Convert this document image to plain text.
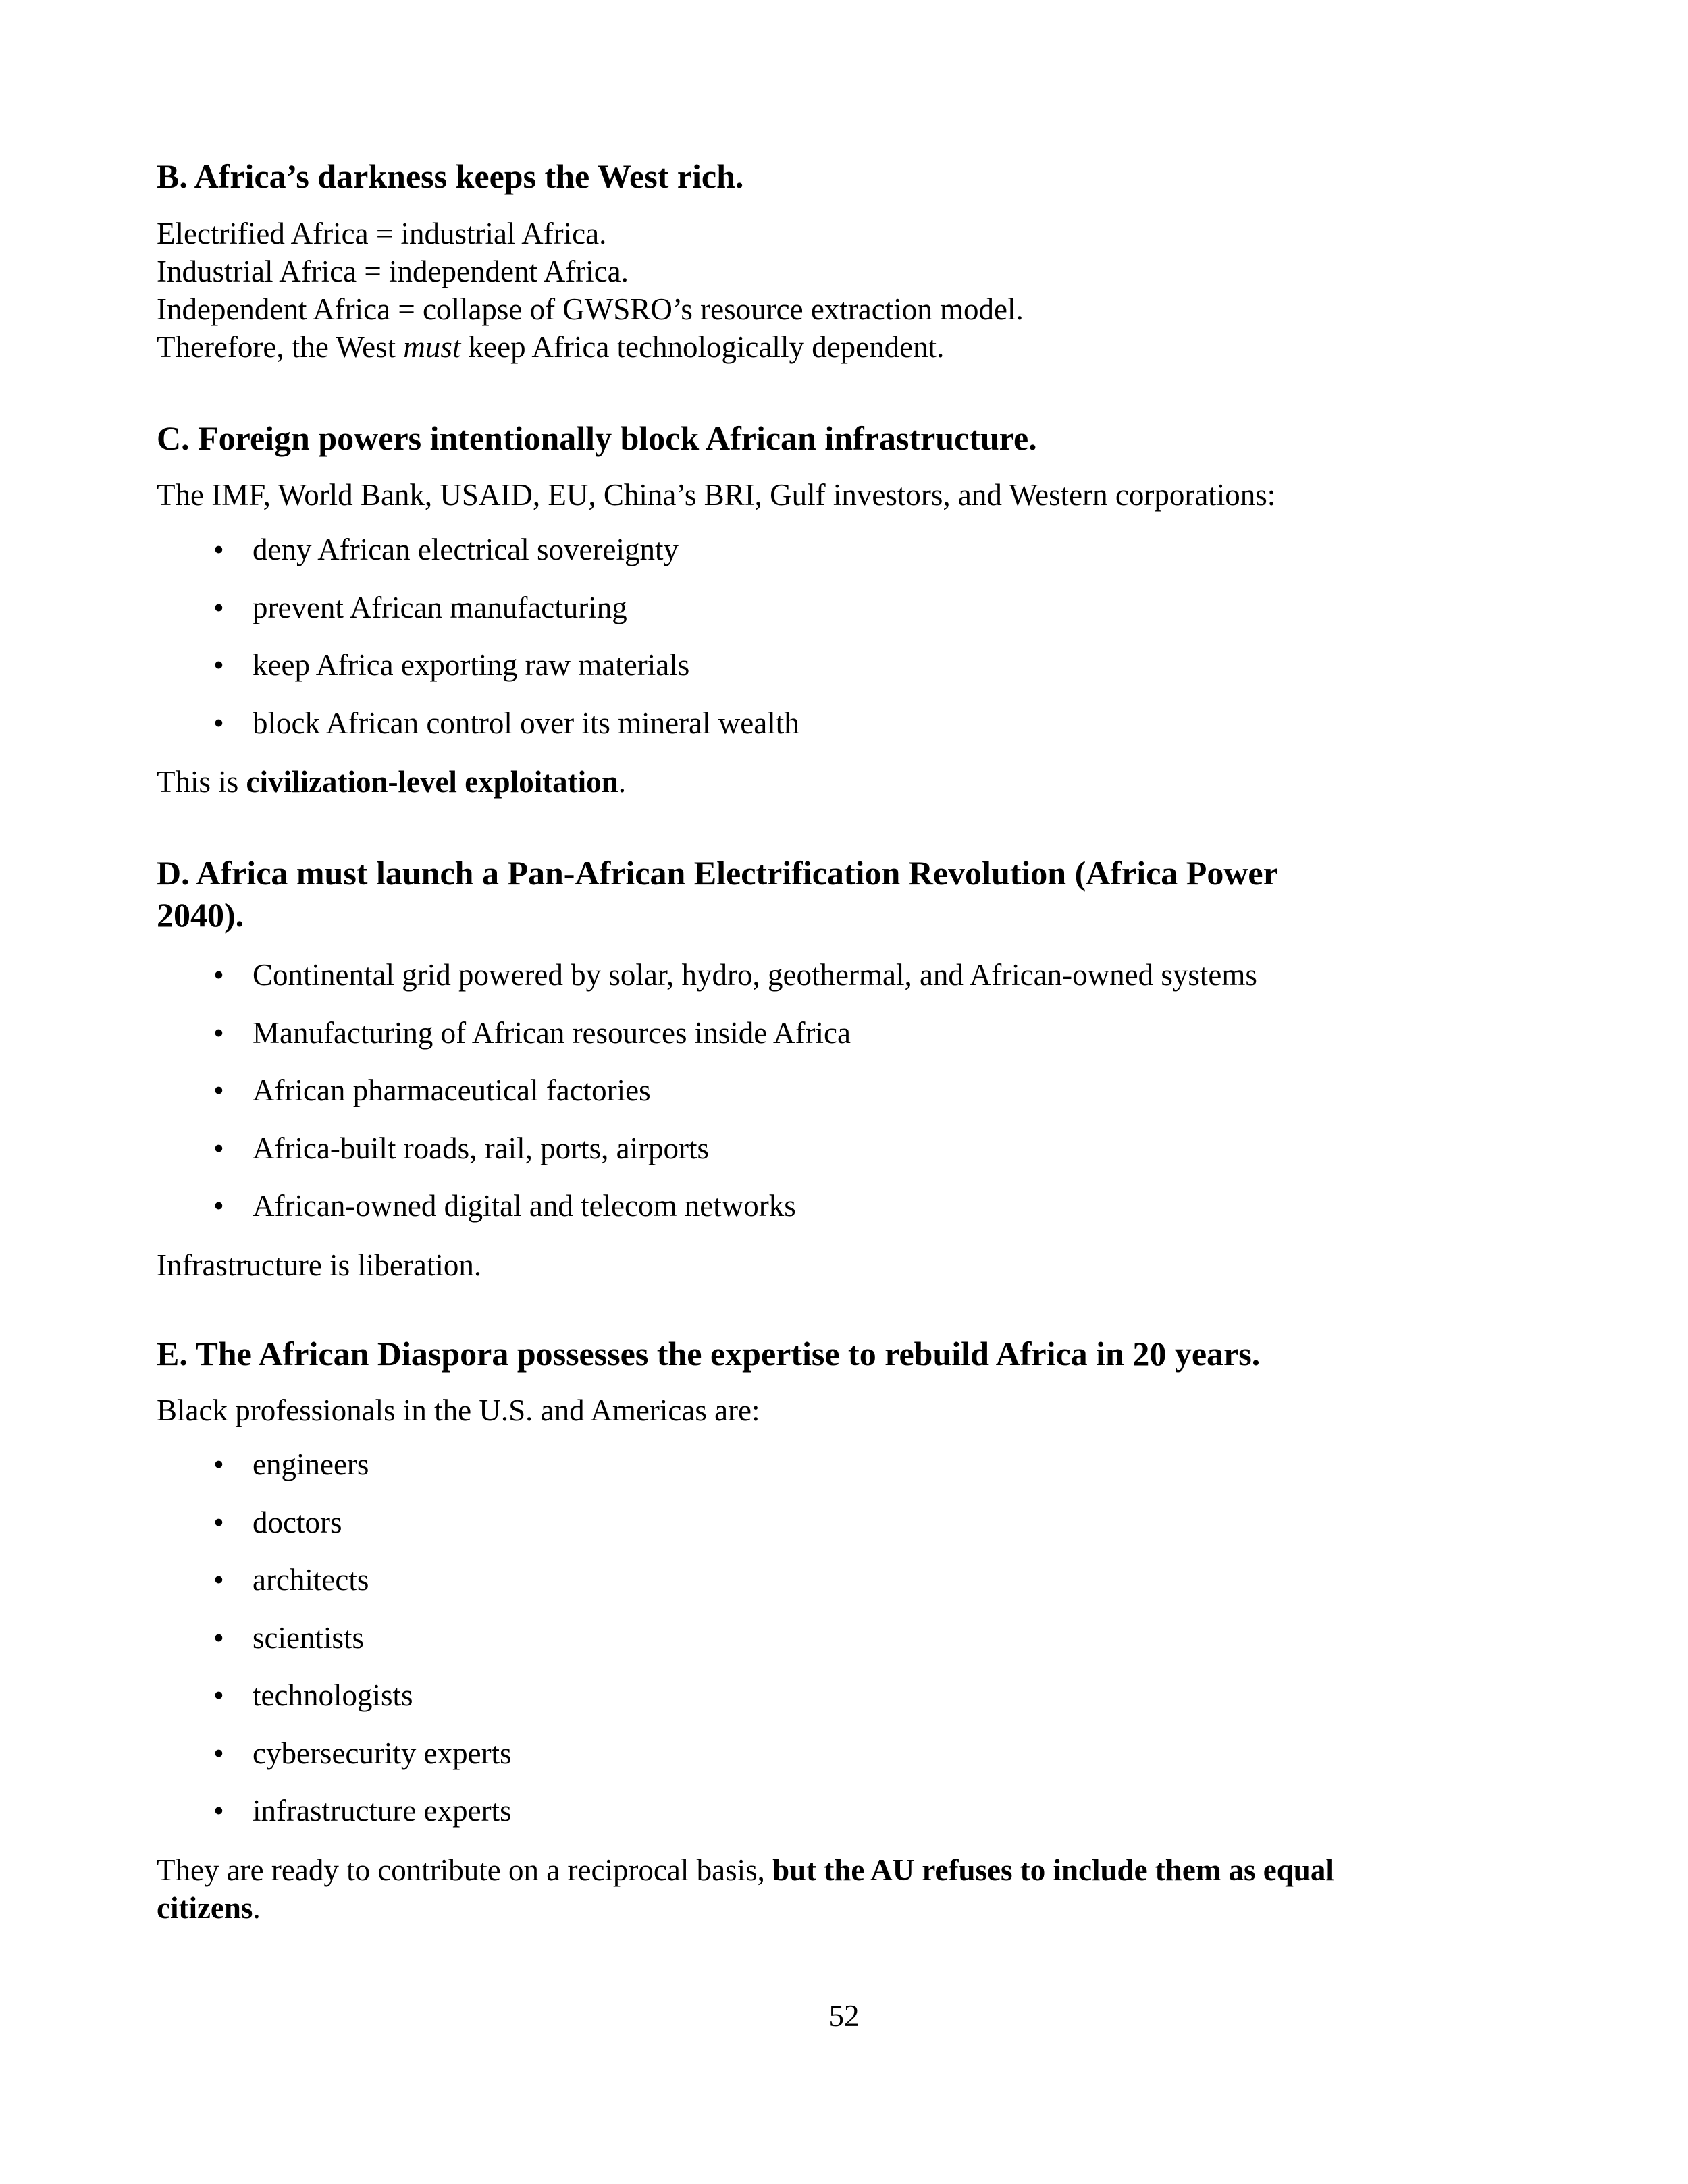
B. Africa’s darkness keeps the West rich.

Electrified Africa = industrial Africa.

Industrial Africa = independent Africa.

Independent Africa = collapse of GWSRO’s resource extraction model.

Therefore, the West must keep Africa technologically dependent.

C. Foreign powers intentionally block African infrastructure.

The IMF, World Bank, USAID, EU, China’s BRI, Gulf investors, and Western corporations:

• deny African electrical sovereignty
• prevent African manufacturing
• keep Africa exporting raw materials
• block African control over its mineral wealth

This is civilization-level exploitation.

D. Africa must launch a Pan-African Electrification Revolution (Africa Power
2040).
• Continental grid powered by solar, hydro, geothermal, and African-owned systems
• Manufacturing of African resources inside Africa
• African pharmaceutical factories
• Africa-built roads, rail, ports, airports
• African-owned digital and telecom networks

Infrastructure is liberation.

E. The African Diaspora possesses the expertise to rebuild Africa in 20 years.

Black professionals in the U.S. and Americas are:

• engineers
• doctors
• architects
• scientists
• technologists
• cybersecurity experts
• infrastructure experts

They are ready to contribute on a reciprocal basis, but the AU refuses to include them as equal

citizens.

52
